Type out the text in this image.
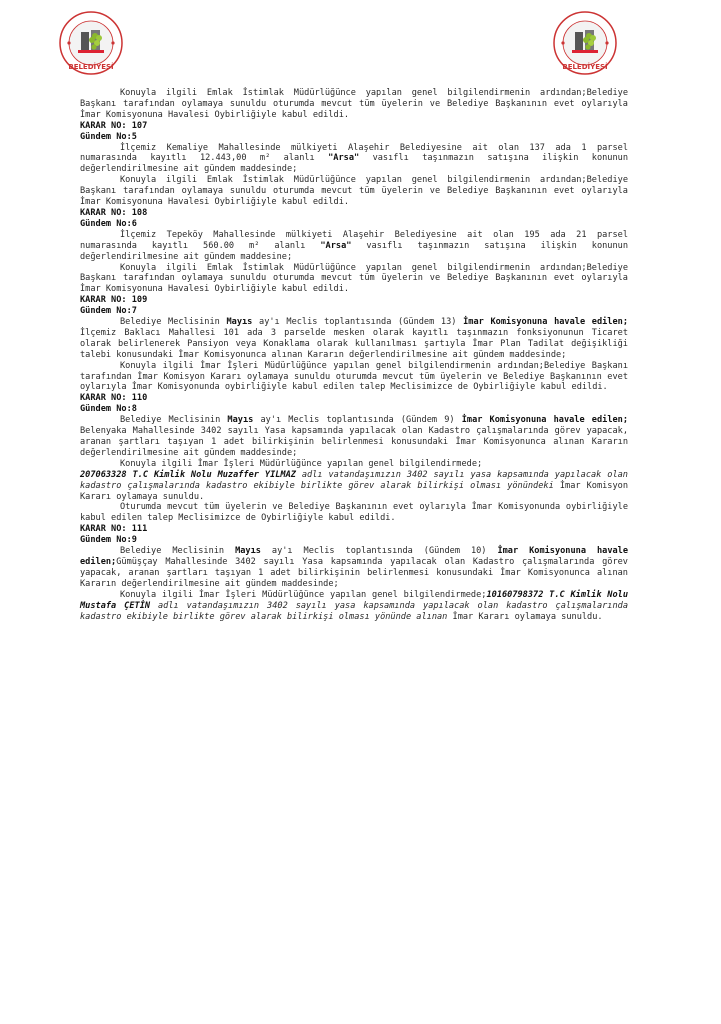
BELEDİYESİ	BELEDİYESİ

Konuyla ilgili Emlak İstimlak Müdürlüğünce yapılan genel bilgilendirmenin ardından;Belediye Başkanı tarafından oylamaya sunuldu oturumda mevcut tüm üyelerin ve Belediye Başkanının evet oylarıyla İmar Komisyonuna Havalesi Oybirliğiyle kabul edildi.

KARAR NO: 107

Gündem No:5

İlçemiz Kemaliye Mahallesinde mülkiyeti Alaşehir Belediyesine ait olan 137 ada 1 parsel numarasında kayıtlı 12.443,00 m² alanlı "Arsa" vasıflı taşınmazın satışına ilişkin konunun değerlendirilmesine ait gündem maddesinde;

Konuyla ilgili Emlak İstimlak Müdürlüğünce yapılan genel bilgilendirmenin ardından;Belediye Başkanı tarafından oylamaya sunuldu oturumda mevcut tüm üyelerin ve Belediye Başkanının evet oylarıyla İmar Komisyonuna Havalesi Oybirliğiyle kabul edildi.

KARAR NO: 108

Gündem No:6

İlçemiz Tepeköy Mahallesinde mülkiyeti Alaşehir Belediyesine ait olan 195 ada 21 parsel numarasında kayıtlı 560.00 m² alanlı "Arsa" vasıflı taşınmazın satışına ilişkin konunun değerlendirilmesine ait gündem maddesine;

Konuyla ilgili Emlak İstimlak Müdürlüğünce yapılan genel bilgilendirmenin ardından;Belediye Başkanı tarafından oylamaya sunuldu oturumda mevcut tüm üyelerin ve Belediye Başkanının evet oylarıyla İmar Komisyonuna Havalesi Oybirliğiyle kabul edildi.

KARAR NO: 109

Gündem No:7

Belediye Meclisinin Mayıs ay'ı Meclis toplantısında (Gündem 13) İmar Komisyonuna havale edilen; İlçemiz Baklacı Mahallesi 101 ada 3 parselde mesken olarak kayıtlı taşınmazın fonksiyonunun Ticaret olarak belirlenerek Pansiyon veya Konaklama olarak kullanılması şartıyla İmar Plan Tadilat değişikliği talebi konusundaki İmar Komisyonunca alınan Kararın değerlendirilmesine ait gündem maddesinde;

Konuyla ilgili İmar İşleri Müdürlüğünce yapılan genel bilgilendirmenin ardından;Belediye Başkanı tarafından İmar Komisyon Kararı oylamaya sunuldu oturumda mevcut tüm üyelerin ve Belediye Başkanının evet oylarıyla İmar Komisyonunda oybirliğiyle kabul edilen talep Meclisimizce de Oybirliğiyle kabul edildi.

KARAR NO: 110

Gündem No:8

Belediye Meclisinin Mayıs ay'ı Meclis toplantısında (Gündem 9) İmar Komisyonuna havale edilen; Belenyaka Mahallesinde 3402 sayılı Yasa kapsamında yapılacak olan Kadastro çalışmalarında görev yapacak, aranan şartları taşıyan 1 adet bilirkişinin belirlenmesi konusundaki İmar Komisyonunca alınan Kararın değerlendirilmesine ait gündem maddesinde;

Konuyla ilgili İmar İşleri Müdürlüğünce yapılan genel bilgilendirmede;

207063328 T.C Kimlik Nolu Muzaffer YILMAZ adlı vatandaşımızın 3402 sayılı yasa kapsamında yapılacak olan kadastro çalışmalarında kadastro ekibiyle birlikte görev alarak bilirkişi olması yönündeki İmar Komisyon Kararı oylamaya sunuldu.

Oturumda mevcut tüm üyelerin ve Belediye Başkanının evet oylarıyla İmar Komisyonunda oybirliğiyle kabul edilen talep Meclisimizce de Oybirliğiyle kabul edildi.

KARAR NO: 111

Gündem No:9

Belediye Meclisinin Mayıs ay'ı Meclis toplantısında (Gündem 10) İmar Komisyonuna havale edilen;Gümüşçay Mahallesinde 3402 sayılı Yasa kapsamında yapılacak olan Kadastro çalışmalarında görev yapacak, aranan şartları taşıyan 1 adet bilirkişinin belirlenmesi konusundaki İmar Komisyonunca alınan Kararın değerlendirilmesine ait gündem maddesinde;

Konuyla ilgili İmar İşleri Müdürlüğünce yapılan genel bilgilendirmede;10160798372 T.C Kimlik Nolu Mustafa ÇETİN adlı vatandaşımızın 3402 sayılı yasa kapsamında yapılacak olan kadastro çalışmalarında kadastro ekibiyle birlikte görev alarak bilirkişi olması yönünde alınan İmar Kararı oylamaya sunuldu.
